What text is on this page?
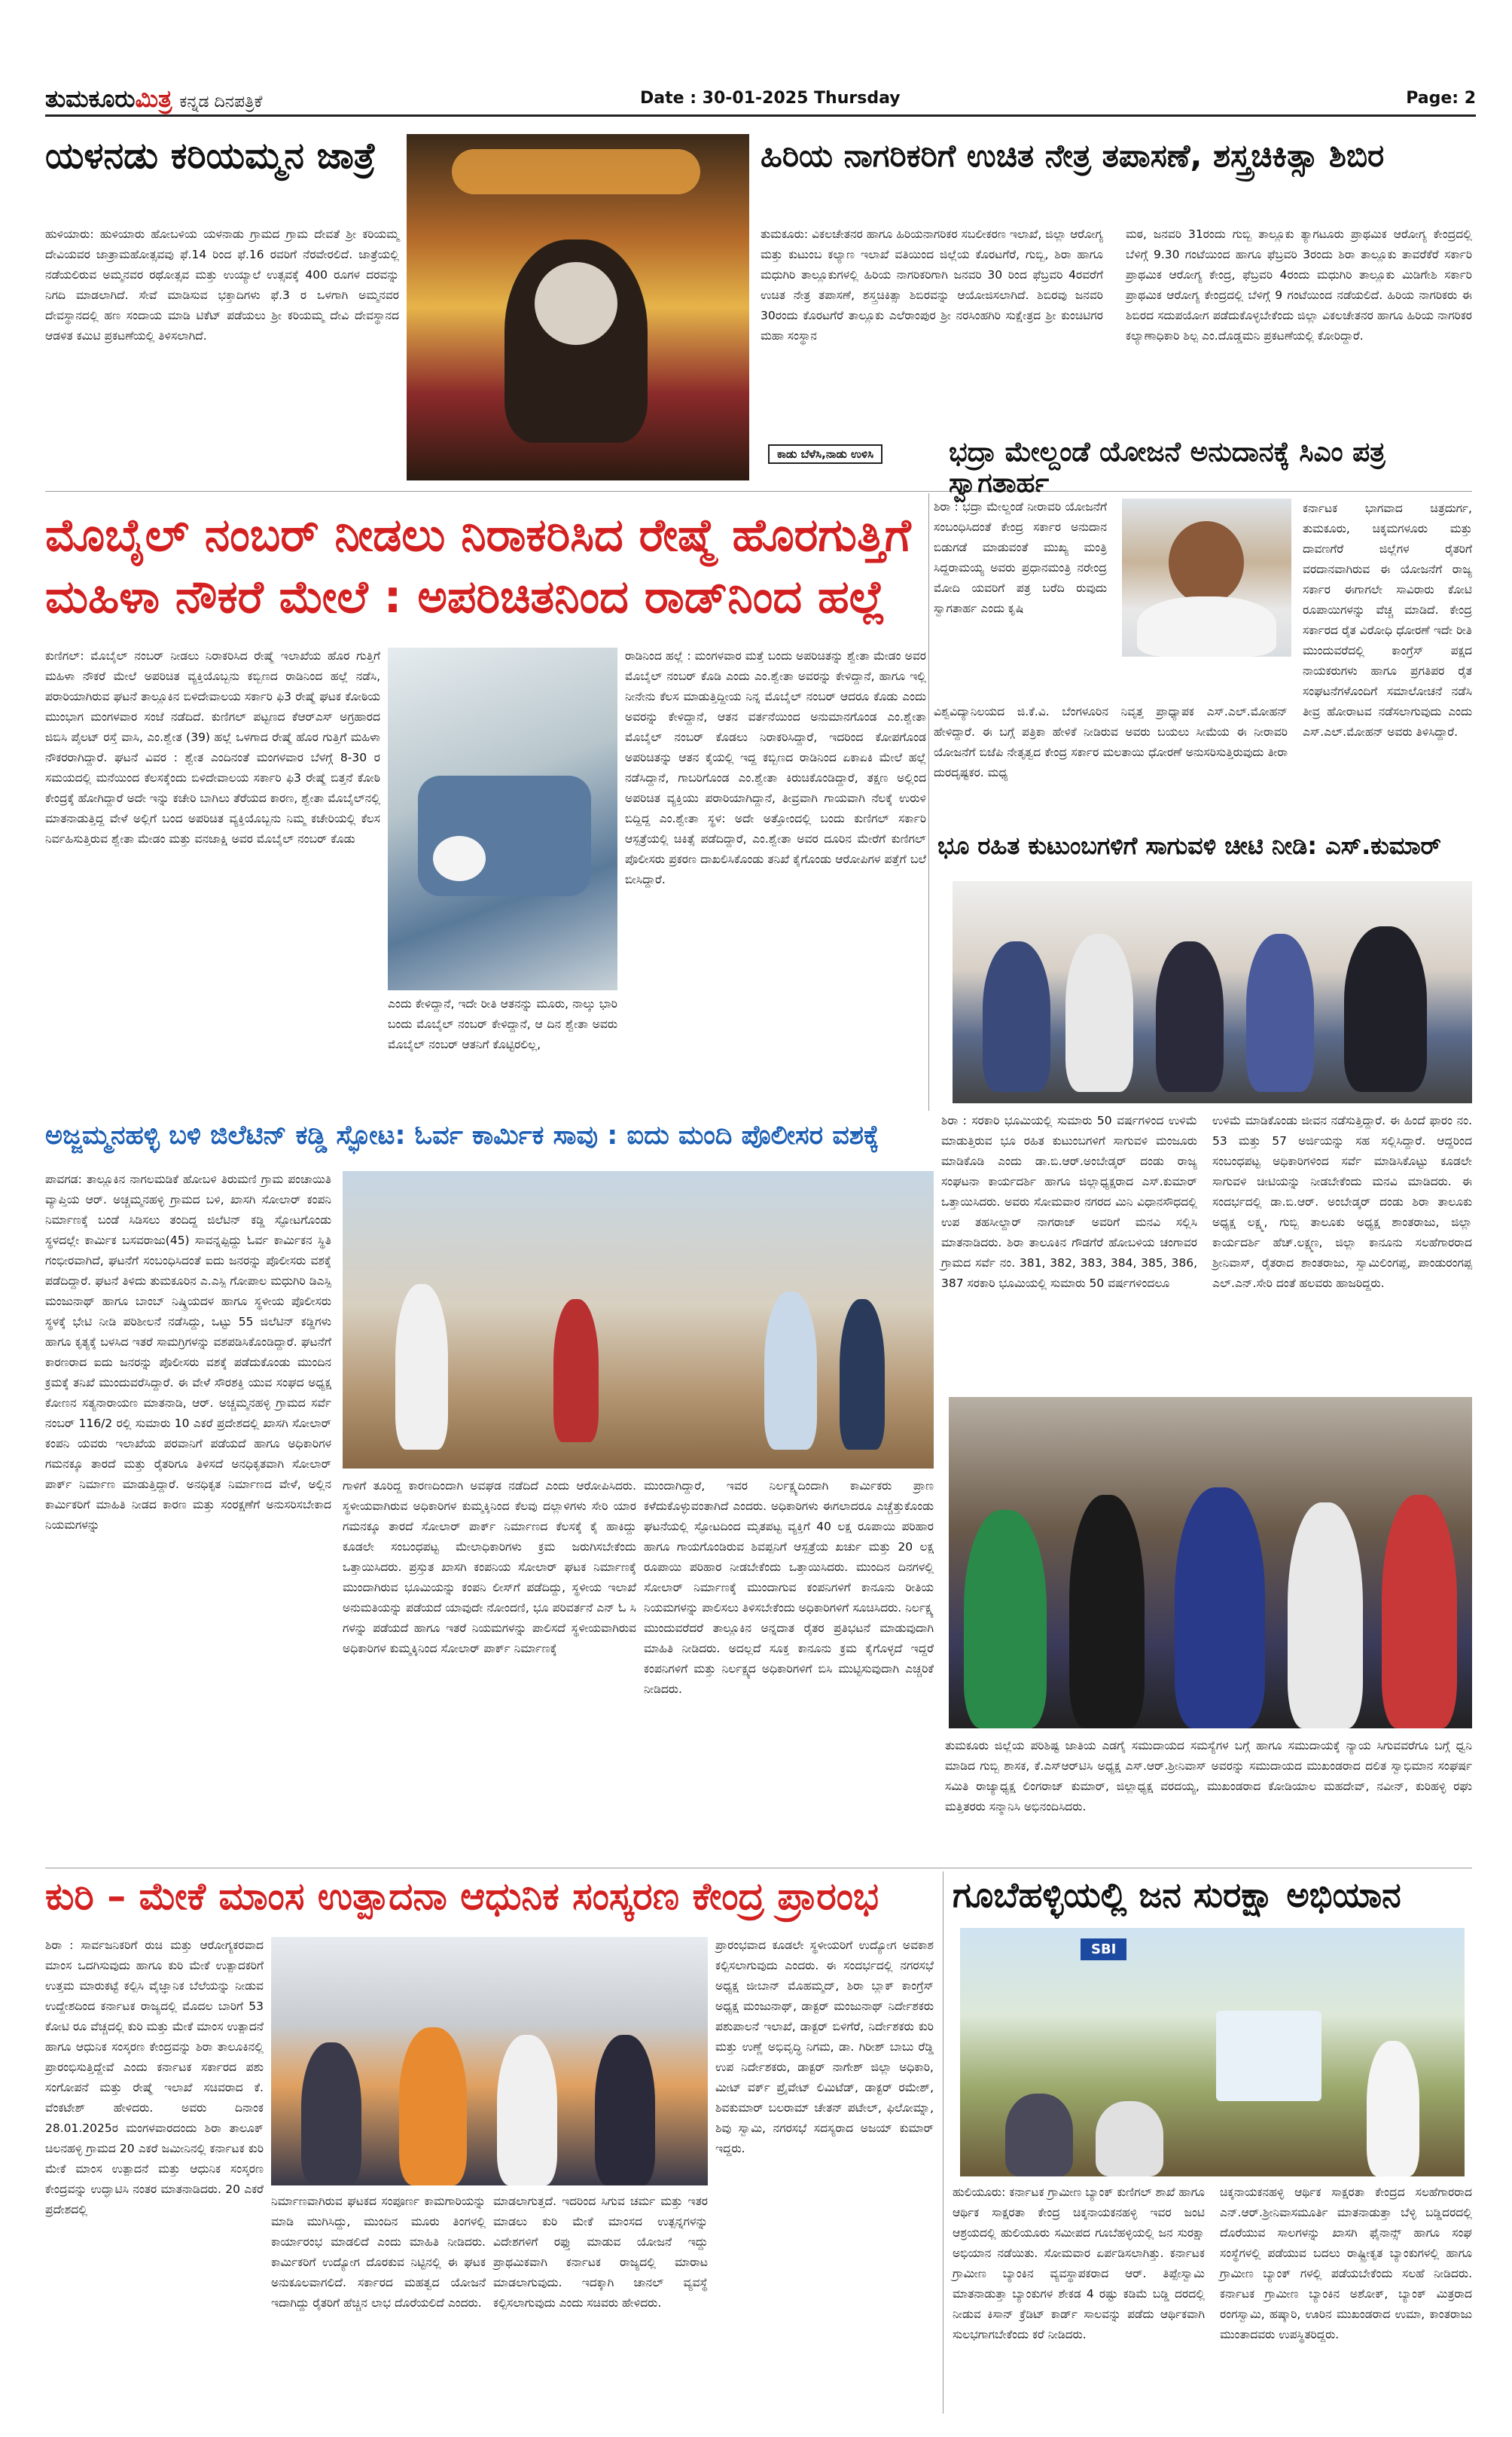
ತುಮಕೂರುಮಿತ್ರ ಕನ್ನಡ ದಿನಪತ್ರಿಕೆ	Date : 30-01-2025 Thursday	Page: 2
ಯಳನಡು ಕರಿಯಮ್ಮನ ಜಾತ್ರೆ
ಹುಳಿಯಾರು: ಹುಳಿಯಾರು ಹೋಬಳಿಯ ಯಳನಾಡು ಗ್ರಾಮದ ಗ್ರಾಮ ದೇವತೆ ಶ್ರೀ ಕರಿಯಮ್ಮ ದೇವಿಯವರ ಜಾತ್ರಾಮಹೋತ್ಸವವು ಫೆ.14 ರಿಂದ ಫೆ.16 ರವರಿಗೆ ನೆರವೇರಲಿದೆ. ಜಾತ್ರೆಯಲ್ಲಿ ನಡೆಯಲಿರುವ ಅಮ್ಮನವರ ರಥೋತ್ಸವ ಮತ್ತು ಉಯ್ಯಾಲೆ ಉತ್ಸವಕ್ಕೆ 400 ರೂಗಳ ದರವನ್ನು ನಿಗದಿ ಮಾಡಲಾಗಿದೆ. ಸೇವೆ ಮಾಡಿಸುವ ಭಕ್ತಾದಿಗಳು ಫೆ.3 ರ ಒಳಗಾಗಿ ಅಮ್ಮನವರ ದೇವಸ್ಥಾನದಲ್ಲಿ ಹಣ ಸಂದಾಯ ಮಾಡಿ ಟಿಕೆಟ್ ಪಡೆಯಲು ಶ್ರೀ ಕರಿಯಮ್ಮ ದೇವಿ ದೇವಸ್ಥಾನದ ಆಡಳಿತ ಕಮಿಟಿ ಪ್ರಕಟಣೆಯಲ್ಲಿ ತಿಳಿಸಲಾಗಿದೆ.
ಹಿರಿಯ ನಾಗರಿಕರಿಗೆ ಉಚಿತ ನೇತ್ರ ತಪಾಸಣೆ, ಶಸ್ತ್ರಚಿಕಿತ್ಸಾ ಶಿಬಿರ
ತುಮಕೂರು: ವಿಕಲಚೇತನರ ಹಾಗೂ ಹಿರಿಯನಾಗರಿಕರ ಸಬಲೀಕರಣ ಇಲಾಖೆ, ಜಿಲ್ಲಾ ಆರೋಗ್ಯ ಮತ್ತು ಕುಟುಂಬ ಕಲ್ಯಾಣ ಇಲಾಖೆ ವತಿಯಿಂದ ಜಿಲ್ಲೆಯ ಕೊರಟಗೆರೆ, ಗುಬ್ಬಿ, ಶಿರಾ ಹಾಗೂ ಮಧುಗಿರಿ ತಾಲ್ಲೂಕುಗಳಲ್ಲಿ ಹಿರಿಯ ನಾಗರಿಕರಿಗಾಗಿ ಜನವರಿ 30 ರಿಂದ ಫೆಬ್ರವರಿ 4ರವರೆಗೆ ಉಚಿತ ನೇತ್ರ ತಪಾಸಣೆ, ಶಸ್ತ್ರಚಿಕಿತ್ಸಾ ಶಿಬಿರವನ್ನು ಆಯೋಜಿಸಲಾಗಿದೆ. ಶಿಬಿರವು ಜನವರಿ 30ರಂದು ಕೊರಟಗೆರೆ ತಾಲ್ಲೂಕು ಎಲೆರಾಂಪುರ ಶ್ರೀ ನರಸಿಂಹಗಿರಿ ಸುಕ್ಷೇತ್ರದ ಶ್ರೀ ಕುಂಚಿಟಿಗರ ಮಹಾ ಸಂಸ್ಥಾನ
ಮಠ, ಜನವರಿ 31ರಂದು ಗುಬ್ಬಿ ತಾಲ್ಲೂಕು ತ್ಯಾಗಟೂರು ಪ್ರಾಥಮಿಕ ಆರೋಗ್ಯ ಕೇಂದ್ರದಲ್ಲಿ ಬೆಳಿಗ್ಗೆ 9.30 ಗಂಟೆಯಿಂದ ಹಾಗೂ ಫೆಬ್ರವರಿ 3ರಂದು ಶಿರಾ ತಾಲ್ಲೂಕು ತಾವರೆಕೆರೆ ಸರ್ಕಾರಿ ಪ್ರಾಥಮಿಕ ಆರೋಗ್ಯ ಕೇಂದ್ರ, ಫೆಬ್ರವರಿ 4ರಂದು ಮಧುಗಿರಿ ತಾಲ್ಲೂಕು ಮಿಡಿಗೇಶಿ ಸರ್ಕಾರಿ ಪ್ರಾಥಮಿಕ ಆರೋಗ್ಯ ಕೇಂದ್ರದಲ್ಲಿ ಬೆಳಿಗ್ಗೆ 9 ಗಂಟೆಯಿಂದ ನಡೆಯಲಿದೆ. ಹಿರಿಯ ನಾಗರಿಕರು ಈ ಶಿಬಿರದ ಸದುಪಯೋಗ ಪಡೆದುಕೊಳ್ಳಬೇಕೆಂದು ಜಿಲ್ಲಾ ವಿಕಲಚೇತನರ ಹಾಗೂ ಹಿರಿಯ ನಾಗರಿಕರ ಕಲ್ಯಾಣಾಧಿಕಾರಿ ಶಿಲ್ಪ ಎಂ.ದೊಡ್ಡಮನಿ ಪ್ರಕಟಣೆಯಲ್ಲಿ ಕೋರಿದ್ದಾರೆ.
ಕಾಡು ಬೆಳೆಸಿ,ನಾಡು ಉಳಿಸಿ	ಭದ್ರಾ ಮೇಲ್ದಂಡೆ ಯೋಜನೆ ಅನುದಾನಕ್ಕೆ ಸಿಎಂ ಪತ್ರ ಸ್ವಾಗತಾರ್ಹ
ಶಿರಾ : ಭದ್ರಾ ಮೇಲ್ದಂಡೆ ನೀರಾವರಿ ಯೋಜನೆಗೆ ಸಂಬಂಧಿಸಿದಂತೆ ಕೇಂದ್ರ ಸರ್ಕಾರ ಅನುದಾನ ಬಿಡುಗಡೆ ಮಾಡುವಂತೆ ಮುಖ್ಯ ಮಂತ್ರಿ ಸಿದ್ದರಾಮಯ್ಯ ಅವರು ಪ್ರಧಾನಮಂತ್ರಿ ನರೇಂದ್ರ ಮೋದಿ ಯವರಿಗೆ ಪತ್ರ ಬರೆದಿ ರುವುದು ಸ್ವಾಗತಾರ್ಹ ಎಂದು ಕೃಷಿ
ಕರ್ನಾಟಕ ಭಾಗವಾದ ಚಿತ್ರದುರ್ಗ, ತುಮಕೂರು, ಚಿಕ್ಕಮಗಳೂರು ಮತ್ತು ದಾವಣಗೆರೆ ಜಿಲ್ಲೆಗಳ ರೈತರಿಗೆ ವರದಾನವಾಗಿರುವ ಈ ಯೋಜನೆಗೆ ರಾಜ್ಯ ಸರ್ಕಾರ ಈಗಾಗಲೇ ಸಾವಿರಾರು ಕೋಟಿ ರೂಪಾಯಿಗಳನ್ನು ವೆಚ್ಚ ಮಾಡಿದೆ. ಕೇಂದ್ರ ಸರ್ಕಾರದ ರೈತ ವಿರೋಧಿ ಧೋರಣೆ ಇದೇ ರೀತಿ ಮುಂದುವರೆದಲ್ಲಿ ಕಾಂಗ್ರೆಸ್ ಪಕ್ಷದ ನಾಯಕರುಗಳು ಹಾಗೂ ಪ್ರಗತಿಪರ ರೈತ ಸಂಘಟನೆಗಳೊಂದಿಗೆ ಸಮಾಲೋಚನೆ ನಡೆಸಿ ತೀವ್ರ ಹೋರಾಟವ ನಡೆಸಲಾಗುವುದು ಎಂದು ಎಸ್.ಎಲ್.ಮೋಹನ್ ಅವರು ತಿಳಿಸಿದ್ದಾರೆ.
ವಿಶ್ವವಿದ್ಯಾನಿಲಯದ ಜಿ.ಕೆ.ವಿ. ಬೆಂಗಳೂರಿನ ನಿವೃತ್ತ ಪ್ರಾಧ್ಯಾಪಕ ಎಸ್.ಎಲ್.ಮೋಹನ್ ಹೇಳಿದ್ದಾರೆ. ಈ ಬಗ್ಗೆ ಪತ್ರಿಕಾ ಹೇಳಿಕೆ ನೀಡಿರುವ ಅವರು ಬಯಲು ಸೀಮೆಯ ಈ ನೀರಾವರಿ ಯೋಜನೆಗೆ ಬಿಜೆಪಿ ನೇತೃತ್ವದ ಕೇಂದ್ರ ಸರ್ಕಾರ ಮಲತಾಯಿ ಧೋರಣೆ ಅನುಸರಿಸುತ್ತಿರುವುದು ತೀರಾ ದುರದೃಷ್ಟಕರ. ಮಧ್ಯ
ಮೊಬೈಲ್ ನಂಬರ್ ನೀಡಲು ನಿರಾಕರಿಸಿದ ರೇಷ್ಮೆ ಹೊರಗುತ್ತಿಗೆ
ಮಹಿಳಾ ನೌಕರೆ ಮೇಲೆ : ಅಪರಿಚಿತನಿಂದ ರಾಡ್‌ನಿಂದ ಹಲ್ಲೆ
ಕುಣಿಗಲ್: ಮೊಬೈಲ್ ನಂಬರ್ ನೀಡಲು ನಿರಾಕರಿಸಿದ ರೇಷ್ಮೆ ಇಲಾಖೆಯ ಹೊರ ಗುತ್ತಿಗೆ ಮಹಿಳಾ ನೌಕರೆ ಮೇಲೆ ಅಪರಿಚಿತ ವ್ಯಕ್ತಿಯೊಬ್ಬನು ಕಬ್ಬಿಣದ ರಾಡಿನಿಂದ ಹಲ್ಲೆ ನಡೆಸಿ, ಪರಾರಿಯಾಗಿರುವ ಘಟನೆ ತಾಲ್ಲೂಕಿನ ಬಿಳಿದೇವಾಲಯ ಸರ್ಕಾರಿ ಫಿ3 ರೇಷ್ಮೆ ಘಟಕ ಕೋಠಿಯ ಮುಂಭಾಗ ಮಂಗಳವಾರ ಸಂಜೆ ನಡೆದಿದೆ. ಕುಣಿಗಲ್ ಪಟ್ಟಣದ ಕೆಆರ್‌ಎಸ್ ಅಗ್ರಹಾರದ ಜಿಬಿಸಿ ಪೈಲಟ್ ರಸ್ತೆ ವಾಸಿ, ಎಂ.ಶ್ವೇತ (39) ಹಲ್ಲೆ ಒಳಗಾದ ರೇಷ್ಮೆ ಹೊರ ಗುತ್ತಿಗೆ ಮಹಿಳಾ ನೌಕರರಾಗಿದ್ದಾರೆ. ಘಟನೆ ವಿವರ : ಶ್ವೇತ ಎಂದಿನಂತೆ ಮಂಗಳವಾರ ಬೆಳಗ್ಗೆ 8-30 ರ ಸಮಯದಲ್ಲಿ ಮನೆಯಿಂದ ಕೆಲಸಕ್ಕೆಂದು ಬಿಳಿದೇವಾಲಯ ಸರ್ಕಾರಿ ಫಿ3 ರೇಷ್ಮೆ ಬಿತ್ತನೆ ಕೋಠಿ ಕೇಂದ್ರಕ್ಕೆ ಹೋಗಿದ್ದಾರೆ ಅದೇ ಇನ್ನು ಕಚೇರಿ ಬಾಗಿಲು ತೆರೆಯದ ಕಾರಣ, ಶ್ವೇತಾ ಮೊಬೈಲ್‌ನಲ್ಲಿ ಮಾತನಾಡುತ್ತಿದ್ದ ವೇಳೆ ಅಲ್ಲಿಗೆ ಬಂದ ಅಪರಿಚಿತ ವ್ಯಕ್ತಿಯೊಬ್ಬನು ನಿಮ್ಮ ಕಚೇರಿಯಲ್ಲಿ ಕೆಲಸ ನಿರ್ವಹಿಸುತ್ತಿರುವ ಶ್ವೇತಾ ಮೇಡಂ ಮತ್ತು ವನಜಾಕ್ಷಿ ಅವರ ಮೊಬೈಲ್ ನಂಬರ್ ಕೊಡು
ಎಂದು ಕೇಳಿದ್ದಾನೆ, ಇದೇ ರೀತಿ ಆತನನ್ನು ಮೂರು, ನಾಲ್ಕು ಭಾರಿ ಬಂದು ಮೊಬೈಲ್ ನಂಬರ್ ಕೇಳಿದ್ದಾನೆ, ಆ ದಿನ ಶ್ವೇತಾ ಅವರು ಮೊಬೈಲ್ ನಂಬರ್ ಆತನಿಗೆ ಕೊಟ್ಟಿರಲಿಲ್ಲ,
ರಾಡಿನಿಂದ ಹಲ್ಲೆ : ಮಂಗಳವಾರ ಮತ್ತೆ ಬಂದು ಅಪರಿಚಿತನ್ನು ಶ್ವೇತಾ ಮೇಡಂ ಅವರ ಮೊಬೈಲ್ ನಂಬರ್ ಕೊಡಿ ಎಂದು ಎಂ.ಶ್ವೇತಾ ಅವರನ್ನು ಕೇಳಿದ್ದಾನೆ, ಹಾಗೂ ಇಲ್ಲಿ ನೀನೇನು ಕೆಲಸ ಮಾಡುತ್ತಿದ್ದೀಯ ನಿನ್ನ ಮೊಬೈಲ್ ನಂಬರ್ ಆದರೂ ಕೊಡು ಎಂದು ಅವರನ್ನು ಕೇಳಿದ್ದಾನೆ, ಆತನ ವರ್ತನೆಯಿಂದ ಅನುಮಾನಗೊಂಡ ಎಂ.ಶ್ವೇತಾ ಮೊಬೈಲ್ ನಂಬರ್ ಕೊಡಲು ನಿರಾಕರಿಸಿದ್ದಾರೆ, ಇದರಿಂದ ಕೋಪಗೊಂಡ ಅಪರಿಚಿತನ್ನು ಆತನ ಕೈಯಲ್ಲಿ ಇದ್ದ ಕಬ್ಬಿಣದ ರಾಡಿನಿಂದ ಏಕಾಏಕಿ ಮೇಲೆ ಹಲ್ಲೆ ನಡೆಸಿದ್ದಾನೆ, ಗಾಬರಿಗೊಂಡ ಎಂ.ಶ್ವೇತಾ ಕಿರುಚಿಕೊಂಡಿದ್ದಾರೆ, ತಕ್ಷಣ ಅಲ್ಲಿಂದ ಅಪರಿಚಿತ ವ್ಯಕ್ತಿಯು ಪರಾರಿಯಾಗಿದ್ದಾನೆ, ತೀವ್ರವಾಗಿ ಗಾಯವಾಗಿ ನೆಲಕ್ಕೆ ಉರುಳಿ ಬಿದ್ದಿದ್ದ ಎಂ.ಶ್ವೇತಾ ಸ್ಥಳ: ಅದೇ ಅತ್ತೋಂದಲ್ಲಿ ಬಂದು ಕುಣಿಗಲ್ ಸರ್ಕಾರಿ ಆಸ್ಪತ್ರೆಯಲ್ಲಿ ಚಿಕಿತ್ಸೆ ಪಡೆದಿದ್ದಾರೆ, ಎಂ.ಶ್ವೇತಾ ಅವರ ದೂರಿನ ಮೇರೆಗೆ ಕುಣಿಗಲ್ ಪೊಲೀಸರು ಪ್ರಕರಣ ದಾಖಲಿಸಿಕೊಂಡು ತನಿಖೆ ಕೈಗೊಂಡು ಆರೋಪಿಗಳ ಪತ್ತೆಗೆ ಬಲೆ ಬೀಸಿದ್ದಾರೆ.
ಭೂ ರಹಿತ ಕುಟುಂಬಗಳಿಗೆ ಸಾಗುವಳಿ ಚೀಟಿ ನೀಡಿ: ಎಸ್.ಕುಮಾರ್
ಶಿರಾ : ಸರಕಾರಿ ಭೂಮಿಯಲ್ಲಿ ಸುಮಾರು 50 ವರ್ಷಗಳಿಂದ ಉಳಿಮೆ ಮಾಡುತ್ತಿರುವ ಭೂ ರಹಿತ ಕುಟುಂಬಗಳಿಗೆ ಸಾಗುವಳಿ ಮಂಜೂರು ಮಾಡಿಕೊಡಿ ಎಂದು ಡಾ.ಬಿ.ಆರ್.ಅಂಬೇಡ್ಕರ್ ದಂಡು ರಾಜ್ಯ ಸಂಘಟನಾ ಕಾರ್ಯದರ್ಶಿ ಹಾಗೂ ಜಿಲ್ಲಾಧ್ಯಕ್ಷರಾದ ಎಸ್.ಕುಮಾರ್ ಒತ್ತಾಯಿಸಿದರು. ಅವರು ಸೋಮವಾರ ನಗರದ ಮಿನಿ ವಿಧಾನಸೌಧದಲ್ಲಿ ಉಪ ತಹಸೀಲ್ದಾರ್ ನಾಗರಾಜ್ ಅವರಿಗೆ ಮನವಿ ಸಲ್ಲಿಸಿ ಮಾತನಾಡಿದರು. ಶಿರಾ ತಾಲೂಕಿನ ಗೌಡಗೆರೆ ಹೋಬಳಿಯ ಚಂಗಾವರ ಗ್ರಾಮದ ಸರ್ವೆ ನಂ. 381, 382, 383, 384, 385, 386, 387 ಸರಕಾರಿ ಭೂಮಿಯಲ್ಲಿ ಸುಮಾರು 50 ವರ್ಷಗಳಿಂದಲೂ
ಉಳಿಮೆ ಮಾಡಿಕೊಂಡು ಜೀವನ ನಡೆಸುತ್ತಿದ್ದಾರೆ. ಈ ಹಿಂದೆ ಫಾರಂ ನಂ. 53 ಮತ್ತು 57 ಅರ್ಜಿಯನ್ನು ಸಹ ಸಲ್ಲಿಸಿದ್ದಾರೆ. ಆದ್ದರಿಂದ ಸಂಬಂಧಪಟ್ಟ ಅಧಿಕಾರಿಗಳಿಂದ ಸರ್ವೆ ಮಾಡಿಸಿಕೊಟ್ಟು ಕೂಡಲೇ ಸಾಗುವಳಿ ಚೀಟಿಯನ್ನು ನೀಡಬೇಕೆಂದು ಮನವಿ ಮಾಡಿದರು. ಈ ಸಂದರ್ಭದಲ್ಲಿ ಡಾ.ಬಿ.ಆರ್. ಅಂಬೇಡ್ಕರ್ ದಂಡು ಶಿರಾ ತಾಲೂಕು ಅಧ್ಯಕ್ಷ ಲಕ್ಷ್ಮ, ಗುಬ್ಬಿ ತಾಲೂಕು ಅಧ್ಯಕ್ಷ ಶಾಂತರಾಜು, ಜಿಲ್ಲಾ ಕಾರ್ಯದರ್ಶಿ ಹೆಚ್.ಲಕ್ಷ್ಮಣ, ಜಿಲ್ಲಾ ಕಾನೂನು ಸಲಹೆಗಾರರಾದ ಶ್ರೀನಿವಾಸ್, ರೈತರಾದ ಶಾಂತರಾಜು, ಸ್ವಾಮಿಲಿಂಗಪ್ಪ, ಪಾಂಡುರಂಗಪ್ಪ ಎಲ್.ಎನ್.ಸೇರಿ ದಂತೆ ಹಲವರು ಹಾಜರಿದ್ದರು.
ಅಜ್ಜಮ್ಮನಹಳ್ಳಿ ಬಳಿ ಜಿಲೆಟಿನ್ ಕಡ್ಡಿ ಸ್ಫೋಟ: ಓರ್ವ ಕಾರ್ಮಿಕ ಸಾವು : ಐದು ಮಂದಿ ಪೊಲೀಸರ ವಶಕ್ಕೆ
ಪಾವಗಡ: ತಾಲ್ಲೂಕಿನ ನಾಗಲಮಡಿಕೆ ಹೋಬಳಿ ತಿರುಮಣಿ ಗ್ರಾಮ ಪಂಚಾಯಿತಿ ವ್ಯಾಪ್ತಿಯ ಆರ್. ಅಚ್ಚಮ್ಮನಹಳ್ಳಿ ಗ್ರಾಮದ ಬಳಿ, ಖಾಸಗಿ ಸೋಲಾರ್ ಕಂಪನಿ ನಿರ್ಮಾಣಕ್ಕೆ ಬಂಡೆ ಸಿಡಿಸಲು ತಂದಿದ್ದ ಜಿಲೆಟಿನ್ ಕಡ್ಡಿ ಸ್ಫೋಟಗೊಂಡು ಸ್ಥಳದಲ್ಲೇ ಕಾರ್ಮಿಕ ಬಸವರಾಜು(45) ಸಾವನ್ನಪ್ಪಿದ್ದು ಓರ್ವ ಕಾರ್ಮಿಕನ ಸ್ಥಿತಿ ಗಂಭೀರವಾಗಿದೆ, ಘಟನೆಗೆ ಸಂಬಂಧಿಸಿದಂತೆ ಐದು ಜನರನ್ನು ಪೊಲೀಸರು ವಶಕ್ಕೆ ಪಡೆದಿದ್ದಾರೆ. ಘಟನೆ ತಿಳಿದು ತುಮಕೂರಿನ ಎ.ಎಸ್ಪಿ ಗೋಪಾಲ ಮಧುಗಿರಿ ಡಿಎಸ್ಪಿ ಮಂಜುನಾಥ್ ಹಾಗೂ ಬಾಂಬ್ ನಿಷ್ಕ್ರಿಯದಳ ಹಾಗೂ ಸ್ಥಳೀಯ ಪೊಲೀಸರು ಸ್ಥಳಕ್ಕೆ ಭೇಟಿ ನೀಡಿ ಪರಿಶೀಲನೆ ನಡೆಸಿದ್ದು, ಒಟ್ಟು 55 ಜಿಲೆಟಿನ್ ಕಡ್ಡಿಗಳು ಹಾಗೂ ಕೃತ್ಯಕ್ಕೆ ಬಳಸಿದ ಇತರೆ ಸಾಮಗ್ರಿಗಳನ್ನು ವಶಪಡಿಸಿಕೊಂಡಿದ್ದಾರೆ. ಘಟನೆಗೆ ಕಾರಣರಾದ ಐದು ಜನರನ್ನು ಪೊಲೀಸರು ವಶಕ್ಕೆ ಪಡೆದುಕೊಂಡು ಮುಂದಿನ ಕ್ರಮಕ್ಕೆ ತನಿಖೆ ಮುಂದುವರೆಸಿದ್ದಾರೆ. ಈ ವೇಳೆ ಸೌರಶಕ್ತಿ ಯುವ ಸಂಘದ ಅಧ್ಯಕ್ಷ ಕೋಣನ ಸತ್ಯನಾರಾಯಣ ಮಾತನಾಡಿ, ಆರ್. ಅಚ್ಚಮ್ಮನಹಳ್ಳಿ ಗ್ರಾಮದ ಸರ್ವೆ ನಂಬರ್ 116/2 ರಲ್ಲಿ ಸುಮಾರು 10 ಎಕರೆ ಪ್ರದೇಶದಲ್ಲಿ ಖಾಸಗಿ ಸೋಲಾರ್ ಕಂಪನಿ ಯವರು ಇಲಾಖೆಯ ಪರವಾನಿಗೆ ಪಡೆಯದೆ ಹಾಗೂ ಅಧಿಕಾರಿಗಳ ಗಮನಕ್ಕೂ ತಾರದೆ ಮತ್ತು ರೈತರಿಗೂ ತಿಳಿಸದೆ ಅನಧಿಕೃತವಾಗಿ ಸೋಲಾರ್ ಪಾರ್ಕ್ ನಿರ್ಮಾಣ ಮಾಡುತ್ತಿದ್ದಾರೆ. ಅನಧಿಕೃತ ನಿರ್ಮಾಣದ ವೇಳೆ, ಅಲ್ಲಿನ ಕಾರ್ಮಿಕರಿಗೆ ಮಾಹಿತಿ ನೀಡದ ಕಾರಣ ಮತ್ತು ಸಂರಕ್ಷಣೆಗೆ ಅನುಸರಿಸಬೇಕಾದ ನಿಯಮಗಳನ್ನು
ಗಾಳಿಗೆ ತೂರಿದ್ದ ಕಾರಣದಿಂದಾಗಿ ಅವಘಡ ನಡೆದಿದೆ ಎಂದು ಆರೋಪಿಸಿದರು. ಸ್ಥಳೀಯವಾಗಿರುವ ಅಧಿಕಾರಿಗಳ ಕುಮ್ಮಕ್ಕಿನಿಂದ ಕೆಲವು ದಲ್ಲಾಳಿಗಳು ಸೇರಿ ಯಾರ ಗಮನಕ್ಕೂ ತಾರದೆ ಸೋಲಾರ್ ಪಾರ್ಕ್ ನಿರ್ಮಾಣದ ಕೆಲಸಕ್ಕೆ ಕೈ ಹಾಕಿದ್ದು ಕೂಡಲೇ ಸಂಬಂಧಪಟ್ಟ ಮೇಲಾಧಿಕಾರಿಗಳು ಕ್ರಮ ಜರುಗಿಸಬೇಕೆಂದು ಒತ್ತಾಯಿಸಿದರು. ಪ್ರಸ್ತುತ ಖಾಸಗಿ ಕಂಪನಿಯ ಸೋಲಾರ್ ಘಟಕ ನಿರ್ಮಾಣಕ್ಕೆ ಮುಂದಾಗಿರುವ ಭೂಮಿಯನ್ನು ಕಂಪನಿ ಲೀಸ್‌ಗೆ ಪಡೆದಿದ್ದು, ಸ್ಥಳೀಯ ಇಲಾಖೆ ಅನುಮತಿಯನ್ನು ಪಡೆಯದೆ ಯಾವುದೇ ನೋಂದಣಿ, ಭೂ ಪರಿವರ್ತನೆ ಎನ್ ಓ ಸಿ ಗಳನ್ನು ಪಡೆಯದೆ ಹಾಗೂ ಇತರೆ ನಿಯಮಗಳನ್ನು ಪಾಲಿಸದೆ ಸ್ಥಳೀಯವಾಗಿರುವ ಅಧಿಕಾರಿಗಳ ಕುಮ್ಮಕ್ಕಿನಿಂದ ಸೋಲಾರ್ ಪಾರ್ಕ್ ನಿರ್ಮಾಣಕ್ಕೆ
ಮುಂದಾಗಿದ್ದಾರೆ, ಇವರ ನಿರ್ಲಕ್ಷ್ಯದಿಂದಾಗಿ ಕಾರ್ಮಿಕರು ಪ್ರಾಣ ಕಳೆದುಕೊಳ್ಳುವಂತಾಗಿದೆ ಎಂದರು. ಅಧಿಕಾರಿಗಳು ಈಗಲಾದರೂ ಎಚ್ಚೆತ್ತುಕೊಂಡು ಘಟನೆಯಲ್ಲಿ ಸ್ಫೋಟದಿಂದ ಮೃತಪಟ್ಟ ವ್ಯಕ್ತಿಗೆ 40 ಲಕ್ಷ ರೂಪಾಯಿ ಪರಿಹಾರ ಹಾಗೂ ಗಾಯಗೊಂಡಿರುವ ಶಿವಪ್ಪನಿಗೆ ಆಸ್ಪತ್ರೆಯ ಖರ್ಚು ಮತ್ತು 20 ಲಕ್ಷ ರೂಪಾಯಿ ಪರಿಹಾರ ನೀಡಬೇಕೆಂದು ಒತ್ತಾಯಿಸಿದರು. ಮುಂದಿನ ದಿನಗಳಲ್ಲಿ ಸೋಲಾರ್ ನಿರ್ಮಾಣಕ್ಕೆ ಮುಂದಾಗುವ ಕಂಪನಿಗಳಿಗೆ ಕಾನೂನು ರೀತಿಯ ನಿಯಮಗಳನ್ನು ಪಾಲಿಸಲು ತಿಳಿಸಬೇಕೆಂದು ಅಧಿಕಾರಿಗಳಿಗೆ ಸೂಚಿಸಿದರು. ನಿರ್ಲಕ್ಷ್ಯ ಮುಂದುವರೆದರೆ ತಾಲ್ಲೂಕಿನ ಅನ್ನದಾತ ರೈತರ ಪ್ರತಿಭಟನೆ ಮಾಡುವುದಾಗಿ ಮಾಹಿತಿ ನೀಡಿದರು. ಅದಲ್ಲದೆ ಸೂಕ್ತ ಕಾನೂನು ಕ್ರಮ ಕೈಗೊಳ್ಳದೆ ಇದ್ದರೆ ಕಂಪನಿಗಳಿಗೆ ಮತ್ತು ನಿರ್ಲಕ್ಷ್ಯದ ಅಧಿಕಾರಿಗಳಿಗೆ ಬಿಸಿ ಮುಟ್ಟಿಸುವುದಾಗಿ ಎಚ್ಚರಿಕೆ ನೀಡಿದರು.
ತುಮಕೂರು ಜಿಲ್ಲೆಯ ಪರಿಶಿಷ್ಟ ಜಾತಿಯ ಎಡಗೈ ಸಮುದಾಯದ ಸಮಸ್ಯೆಗಳ ಬಗ್ಗೆ ಹಾಗೂ ಸಮುದಾಯಕ್ಕೆ ನ್ಯಾಯ ಸಿಗುವವರೆಗೂ ಬಗ್ಗೆ ಧ್ವನಿ ಮಾಡಿದ ಗುಬ್ಬಿ ಶಾಸಕ, ಕೆ.ಎಸ್‌ಆರ್‌ಟಿಸಿ ಅಧ್ಯಕ್ಷ ಎಸ್.ಆರ್.ಶ್ರೀನಿವಾಸ್ ಅವರನ್ನು ಸಮುದಾಯದ ಮುಖಂಡರಾದ ದಲಿತ ಸ್ವಾಭಿಮಾನ ಸಂಘರ್ಷ ಸಮಿತಿ ರಾಜ್ಯಾಧ್ಯಕ್ಷ ಲಿಂಗರಾಜ್ ಕುಮಾರ್, ಜಿಲ್ಲಾಧ್ಯಕ್ಷ ವರದಯ್ಯ, ಮುಖಂಡರಾದ ಕೋಡಿಯಾಲ ಮಹದೇವ್, ನವೀನ್, ಕುರಿಹಳ್ಳಿ ರಘು ಮತ್ತಿತರರು ಸನ್ಮಾನಿಸಿ ಅಭಿನಂದಿಸಿದರು.
ಕುರಿ – ಮೇಕೆ ಮಾಂಸ ಉತ್ಪಾದನಾ ಆಧುನಿಕ ಸಂಸ್ಕರಣ ಕೇಂದ್ರ ಪ್ರಾರಂಭ
ಶಿರಾ : ಸಾರ್ವಜನಿಕರಿಗೆ ರುಚಿ ಮತ್ತು ಆರೋಗ್ಯಕರವಾದ ಮಾಂಸ ಒದಗಿಸುವುದು ಹಾಗೂ ಕುರಿ ಮೇಕೆ ಉತ್ಪಾದಕರಿಗೆ ಉತ್ತಮ ಮಾರುಕಟ್ಟೆ ಕಲ್ಪಿಸಿ ವೈಜ್ಞಾನಿಕ ಬೆಲೆಯನ್ನು ನೀಡುವ ಉದ್ದೇಶದಿಂದ ಕರ್ನಾಟಕ ರಾಜ್ಯದಲ್ಲಿ ಮೊದಲ ಬಾರಿಗೆ 53 ಕೋಟಿ ರೂ ವೆಚ್ಚದಲ್ಲಿ ಕುರಿ ಮತ್ತು ಮೇಕೆ ಮಾಂಸ ಉತ್ಪಾದನೆ ಹಾಗೂ ಆಧುನಿಕ ಸಂಸ್ಕರಣ ಕೇಂದ್ರವನ್ನು ಶಿರಾ ತಾಲೂಕಿನಲ್ಲಿ ಪ್ರಾರಂಭಿಸುತ್ತಿದ್ದೇವೆ ಎಂದು ಕರ್ನಾಟಕ ಸರ್ಕಾರದ ಪಶು ಸಂಗೋಪನೆ ಮತ್ತು ರೇಷ್ಮೆ ಇಲಾಖೆ ಸಚಿವರಾದ ಕೆ. ವೆಂಕಟೇಶ್ ಹೇಳಿದರು. ಅವರು ದಿನಾಂಕ 28.01.2025ರ ಮಂಗಳವಾರದಂದು ಶಿರಾ ತಾಲೂಕ್ ಚಿಲನಹಳ್ಳಿ ಗ್ರಾಮದ 20 ಎಕರೆ ಜಮೀನಿನಲ್ಲಿ ಕರ್ನಾಟಕ ಕುರಿ ಮೇಕೆ ಮಾಂಸ ಉತ್ಪಾದನೆ ಮತ್ತು ಆಧುನಿಕ ಸಂಸ್ಕರಣ ಕೇಂದ್ರವನ್ನು ಉದ್ಘಾಟಿಸಿ ನಂತರ ಮಾತನಾಡಿದರು. 20 ಎಕರೆ ಪ್ರದೇಶದಲ್ಲಿ
ನಿರ್ಮಾಣವಾಗಿರುವ ಘಟಕದ ಸಂಪೂರ್ಣ ಕಾಮಗಾರಿಯನ್ನು ಮಾಡಿ ಮುಗಿಸಿದ್ದು, ಮುಂದಿನ ಮೂರು ತಿಂಗಳಲ್ಲಿ ಕಾರ್ಯಾರಂಭ ಮಾಡಲಿದೆ ಎಂದು ಮಾಹಿತಿ ನೀಡಿದರು. ಕಾರ್ಮಿಕರಿಗೆ ಉದ್ಯೋಗ ದೊರಕುವ ನಿಟ್ಟಿನಲ್ಲಿ ಈ ಘಟಕ ಅನುಕೂಲವಾಗಲಿದೆ. ಸರ್ಕಾರದ ಮಹತ್ವದ ಯೋಜನೆ ಇದಾಗಿದ್ದು ರೈತರಿಗೆ ಹೆಚ್ಚಿನ ಲಾಭ ದೊರೆಯಲಿದೆ ಎಂದರು.
ಮಾಡಲಾಗುತ್ತದೆ. ಇದರಿಂದ ಸಿಗುವ ಚರ್ಮ ಮತ್ತು ಇತರ ಮಾಡಲು ಕುರಿ ಮೇಕೆ ಮಾಂಸದ ಉತ್ಪನ್ನಗಳನ್ನು ವಿದೇಶಗಳಿಗೆ ರಫ್ತು ಮಾಡುವ ಯೋಜನೆ ಇದ್ದು ಪ್ರಾಥಮಿಕವಾಗಿ ಕರ್ನಾಟಕ ರಾಜ್ಯದಲ್ಲಿ ಮಾರಾಟ ಮಾಡಲಾಗುವುದು. ಇದಕ್ಕಾಗಿ ಚಾನಲ್ ವ್ಯವಸ್ಥೆ ಕಲ್ಪಿಸಲಾಗುವುದು ಎಂದು ಸಚಿವರು ಹೇಳಿದರು.
ಪ್ರಾರಂಭವಾದ ಕೂಡಲೇ ಸ್ಥಳೀಯರಿಗೆ ಉದ್ಯೋಗ ಅವಕಾಶ ಕಲ್ಪಿಸಲಾಗುವುದು ಎಂದರು. ಈ ಸಂದರ್ಭದಲ್ಲಿ ನಗರಸಭೆ ಅಧ್ಯಕ್ಷ ಜೀಬಾನ್ ಮೊಹಮ್ಮದ್, ಶಿರಾ ಬ್ಲಾಕ್ ಕಾಂಗ್ರೆಸ್ ಅಧ್ಯಕ್ಷ ಮಂಜುನಾಥ್, ಡಾಕ್ಟರ್ ಮಂಜುನಾಥ್ ನಿರ್ದೇಶಕರು ಪಶುಪಾಲನೆ ಇಲಾಖೆ, ಡಾಕ್ಟರ್ ಬಿಳಿಗೆರೆ, ನಿರ್ದೇಶಕರು ಕುರಿ ಮತ್ತು ಉಣ್ಣೆ ಅಭಿವೃದ್ಧಿ ನಿಗಮ, ಡಾ. ಗಿರೀಶ್ ಬಾಬು ರೆಡ್ಡಿ ಉಪ ನಿರ್ದೇಶಕರು, ಡಾಕ್ಟರ್ ನಾಗೇಶ್ ಜಿಲ್ಲಾ ಅಧಿಕಾರಿ, ಮೀಟ್ ವರ್ಕ್ ಪ್ರೈವೇಟ್ ಲಿಮಿಟೆಡ್, ಡಾಕ್ಟರ್ ರಮೇಶ್, ಶಿವಕುಮಾರ್ ಬಲರಾಮ್ ಚೇತನ್ ಪಟೇಲ್, ಫಿಲೋಮ್ನಾ, ಶಿವು ಸ್ವಾಮಿ, ನಗರಸಭೆ ಸದಸ್ಯರಾದ ಅಜಯ್ ಕುಮಾರ್ ಇದ್ದರು.
ಗೂಬೆಹಳ್ಳಿಯಲ್ಲಿ ಜನ ಸುರಕ್ಷಾ ಅಭಿಯಾನ
SBI
ಹುಲಿಯೂರು: ಕರ್ನಾಟಕ ಗ್ರಾಮೀಣ ಬ್ಯಾಂಕ್ ಕುಣಿಗಲ್ ಶಾಖೆ ಹಾಗೂ ಆರ್ಥಿಕ ಸಾಕ್ಷರತಾ ಕೇಂದ್ರ ಚಿಕ್ಕನಾಯಕನಹಳ್ಳಿ ಇವರ ಜಂಟಿ ಆಶ್ರಯದಲ್ಲಿ ಹುಲಿಯೂರು ಸಮೀಪದ ಗೂಬೆಹಳ್ಳಿಯಲ್ಲಿ ಜನ ಸುರಕ್ಷಾ ಅಭಿಯಾನ ನಡೆಯಿತು. ಸೋಮವಾರ ಏರ್ಪಡಿಸಲಾಗಿತ್ತು. ಕರ್ನಾಟಕ ಗ್ರಾಮೀಣ ಬ್ಯಾಂಕಿನ ವ್ಯವಸ್ಥಾಪಕರಾದ ಆರ್. ತಿಪ್ಪೇಸ್ವಾಮಿ ಮಾತನಾಡುತ್ತಾ ಬ್ಯಾಂಕುಗಳ ಶೇಕಡ 4 ರಷ್ಟು ಕಡಿಮೆ ಬಡ್ಡಿ ದರದಲ್ಲಿ ನೀಡುವ ಕಿಸಾನ್ ಕ್ರೆಡಿಟ್ ಕಾರ್ಡ್ ಸಾಲವನ್ನು ಪಡೆದು ಆರ್ಥಿಕವಾಗಿ ಸುಲಭಗಾಗಬೇಕೆಂದು ಕರೆ ನೀಡಿದರು.
ಚಿಕ್ಕನಾಯಕನಹಳ್ಳಿ ಆರ್ಥಿಕ ಸಾಕ್ಷರತಾ ಕೇಂದ್ರದ ಸಲಹೆಗಾರರಾದ ಎನ್.ಆರ್.ಶ್ರೀನಿವಾಸಮೂರ್ತಿ ಮಾತನಾಡುತ್ತಾ ಬೆಳ್ಳಿ ಬಡ್ಡಿದರದಲ್ಲಿ ದೊರೆಯುವ ಸಾಲಗಳನ್ನು ಖಾಸಗಿ ಫೈನಾನ್ಸ್ ಹಾಗೂ ಸಂಘ ಸಂಸ್ಥೆಗಳಲ್ಲಿ ಪಡೆಯುವ ಬದಲು ರಾಷ್ಟ್ರೀಕೃತ ಬ್ಯಾಂಕುಗಳಲ್ಲಿ ಹಾಗೂ ಗ್ರಾಮೀಣ ಬ್ಯಾಂಕ್ ಗಳಲ್ಲಿ ಪಡೆಯಬೇಕೆಂದು ಸಲಹೆ ನೀಡಿದರು. ಕರ್ನಾಟಕ ಗ್ರಾಮೀಣ ಬ್ಯಾಂಕಿನ ಅಶೋಕ್, ಬ್ಯಾಂಕ್ ಮಿತ್ರರಾದ ರಂಗಸ್ವಾಮಿ, ಹಷ್ಕಾರಿ, ಊರಿನ ಮುಖಂಡರಾದ ಉಮಾ, ಕಾಂತರಾಜು ಮುಂತಾದವರು ಉಪಸ್ಥಿತರಿದ್ದರು.
